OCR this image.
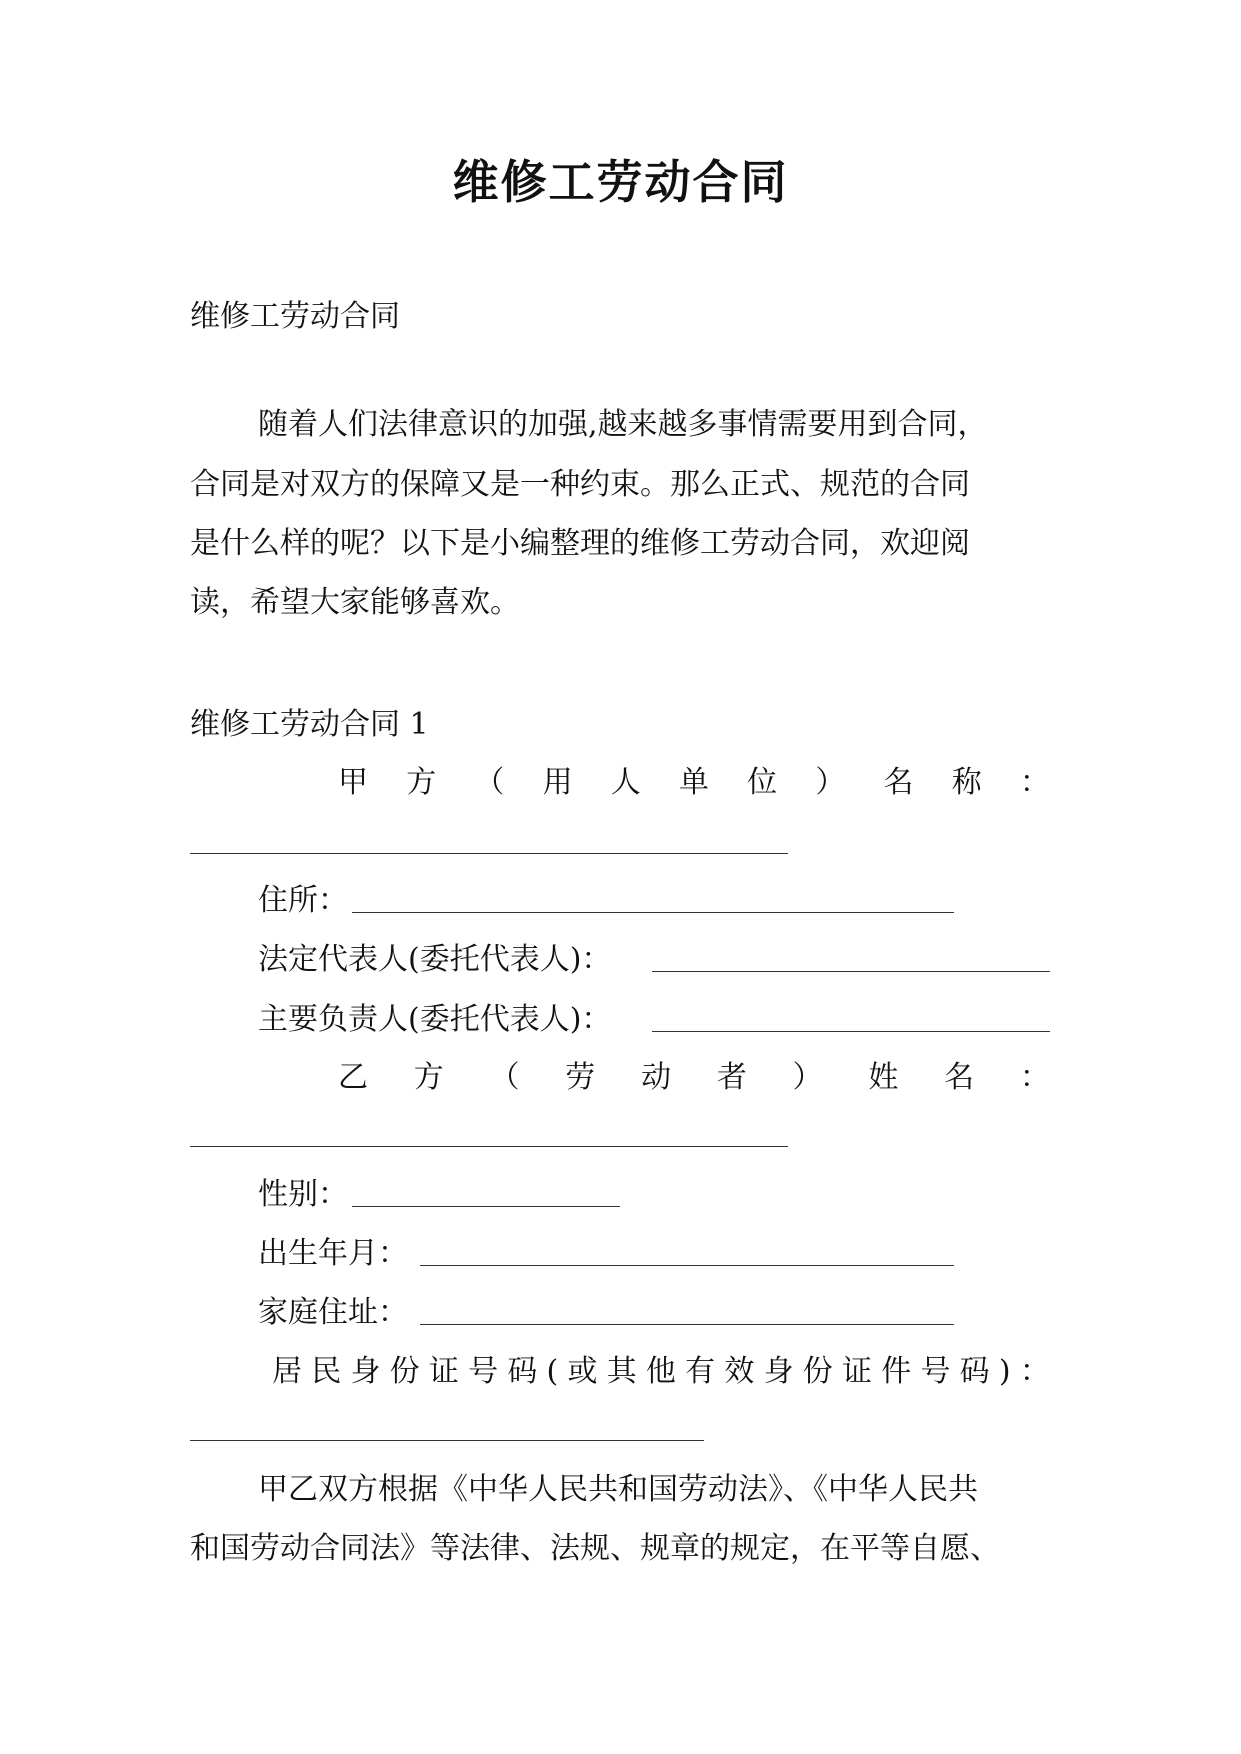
维修工劳动合同
维修工劳动合同
随着人们法律意识的加强,越来越多事情需要用到合同，
合同是对双方的保障又是一种约束。那么正式、规范的合同
是什么样的呢？以下是小编整理的维修工劳动合同，欢迎阅
读，希望大家能够喜欢。
维修工劳动合同 1
甲 方 （ 用 人 单 位 ） 名 称 ：
住所：
法定代表人(委托代表人)：
主要负责人(委托代表人)：
乙 方 （ 劳 动 者 ） 姓 名 ：
性别：
出生年月：
家庭住址：
居 民 身 份 证 号 码 ( 或 其 他 有 效 身 份 证 件 号 码 ) ：
甲乙双方根据《中华人民共和国劳动法》、《中华人民共
和国劳动合同法》等法律、法规、规章的规定，在平等自愿、
